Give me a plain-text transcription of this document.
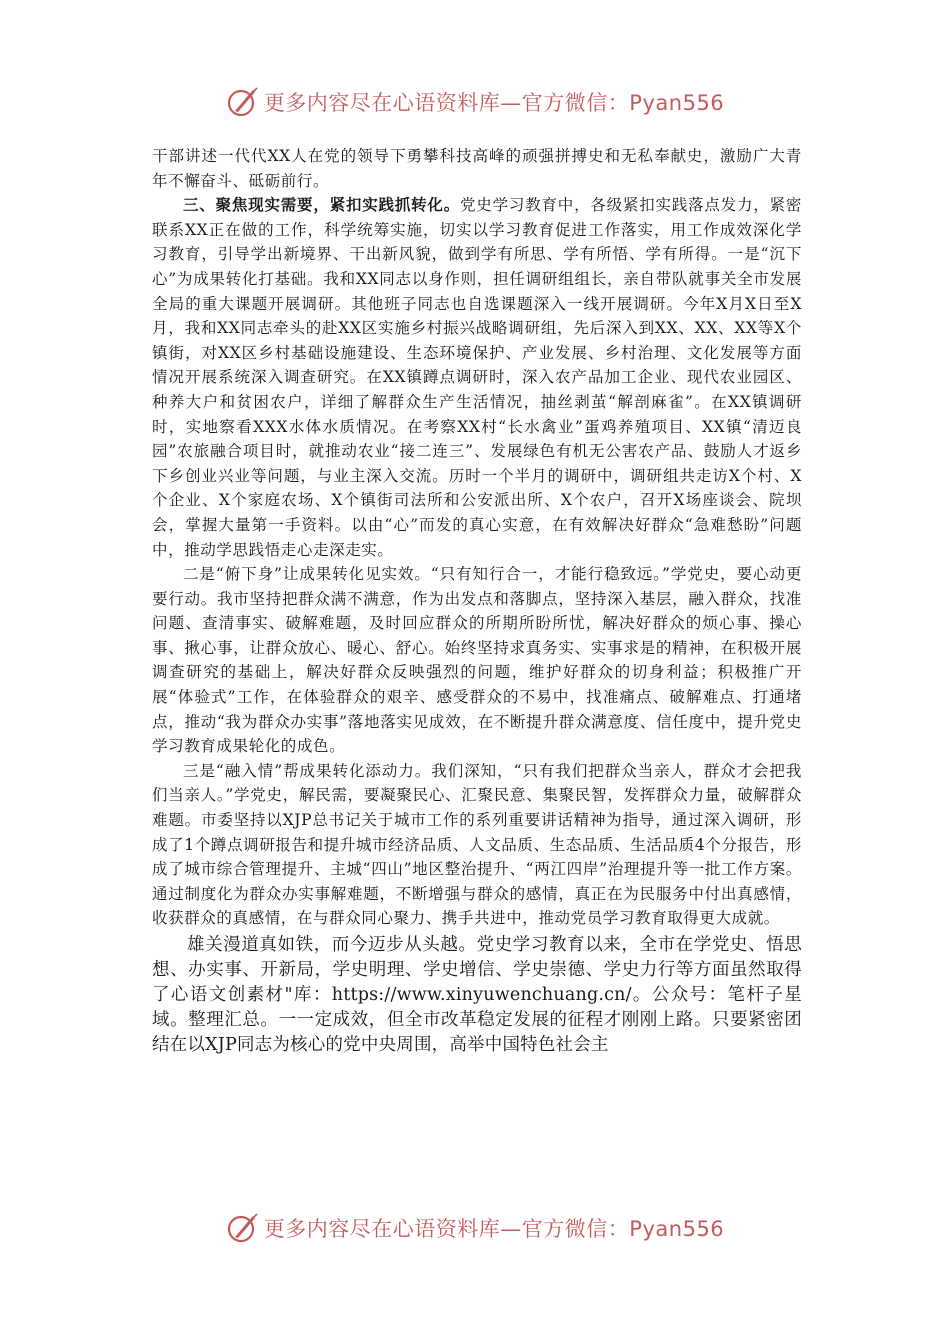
更多内容尽在心语资料库—官方微信：Pyan556

干部讲述一代代XX人在党的领导下勇攀科技高峰的顽强拼搏史和无私奉献史，激励广大青年不懈奋斗、砥砺前行。

三、聚焦现实需要，紧扣实践抓转化。党史学习教育中，各级紧扣实践落点发力，紧密联系XX正在做的工作，科学统筹实施，切实以学习教育促进工作落实，用工作成效深化学习教育，引导学出新境界、干出新风貌，做到学有所思、学有所悟、学有所得。一是“沉下心”为成果转化打基础。我和XX同志以身作则，担任调研组组长，亲自带队就事关全市发展全局的重大课题开展调研。其他班子同志也自选课题深入一线开展调研。今年X月X日至X月，我和XX同志牵头的赴XX区实施乡村振兴战略调研组，先后深入到XX、XX、XX等X个镇街，对XX区乡村基础设施建设、生态环境保护、产业发展、乡村治理、文化发展等方面情况开展系统深入调查研究。在XX镇蹲点调研时，深入农产品加工企业、现代农业园区、种养大户和贫困农户，详细了解群众生产生活情况，抽丝剥茧“解剖麻雀”。在XX镇调研时，实地察看XXX水体水质情况。在考察XX村“长水禽业”蛋鸡养殖项目、XX镇“清迈良园”农旅融合项目时，就推动农业“接二连三”、发展绿色有机无公害农产品、鼓励人才返乡下乡创业兴业等问题，与业主深入交流。历时一个半月的调研中，调研组共走访X个村、X个企业、X个家庭农场、X个镇街司法所和公安派出所、X个农户，召开X场座谈会、院坝会，掌握大量第一手资料。以由“心”而发的真心实意，在有效解决好群众“急难愁盼”问题中，推动学思践悟走心走深走实。

二是“俯下身”让成果转化见实效。“只有知行合一，才能行稳致远。”学党史，要心动更要行动。我市坚持把群众满不满意，作为出发点和落脚点，坚持深入基层，融入群众，找准问题、查清事实、破解难题，及时回应群众的所期所盼所忧，解决好群众的烦心事、操心事、揪心事，让群众放心、暖心、舒心。始终坚持求真务实、实事求是的精神，在积极开展调查研究的基础上，解决好群众反映强烈的问题，维护好群众的切身利益；积极推广开展“体验式”工作，在体验群众的艰辛、感受群众的不易中，找准痛点、破解难点、打通堵点，推动“我为群众办实事”落地落实见成效，在不断提升群众满意度、信任度中，提升党史学习教育成果轮化的成色。

三是“融入情”帮成果转化添动力。我们深知，“只有我们把群众当亲人，群众才会把我们当亲人。”学党史，解民需，要凝聚民心、汇聚民意、集聚民智，发挥群众力量，破解群众难题。市委坚持以XJP总书记关于城市工作的系列重要讲话精神为指导，通过深入调研，形成了1个蹲点调研报告和提升城市经济品质、人文品质、生态品质、生活品质4个分报告，形成了城市综合管理提升、主城“四山”地区整治提升、“两江四岸”治理提升等一批工作方案。通过制度化为群众办实事解难题，不断增强与群众的感情，真正在为民服务中付出真感情，收获群众的真感情，在与群众同心聚力、携手共进中，推动党员学习教育取得更大成就。

雄关漫道真如铁，而今迈步从头越。党史学习教育以来，全市在学党史、悟思想、办实事、开新局，学史明理、学史增信、学史崇德、学史力行等方面虽然取得了心语文创素材"库：https://www.xinyuwenchuang.cn/。公众号：笔杆子星域。整理汇总。一一定成效，但全市改革稳定发展的征程才刚刚上路。只要紧密团结在以XJP同志为核心的党中央周围，高举中国特色社会主

更多内容尽在心语资料库—官方微信：Pyan556
